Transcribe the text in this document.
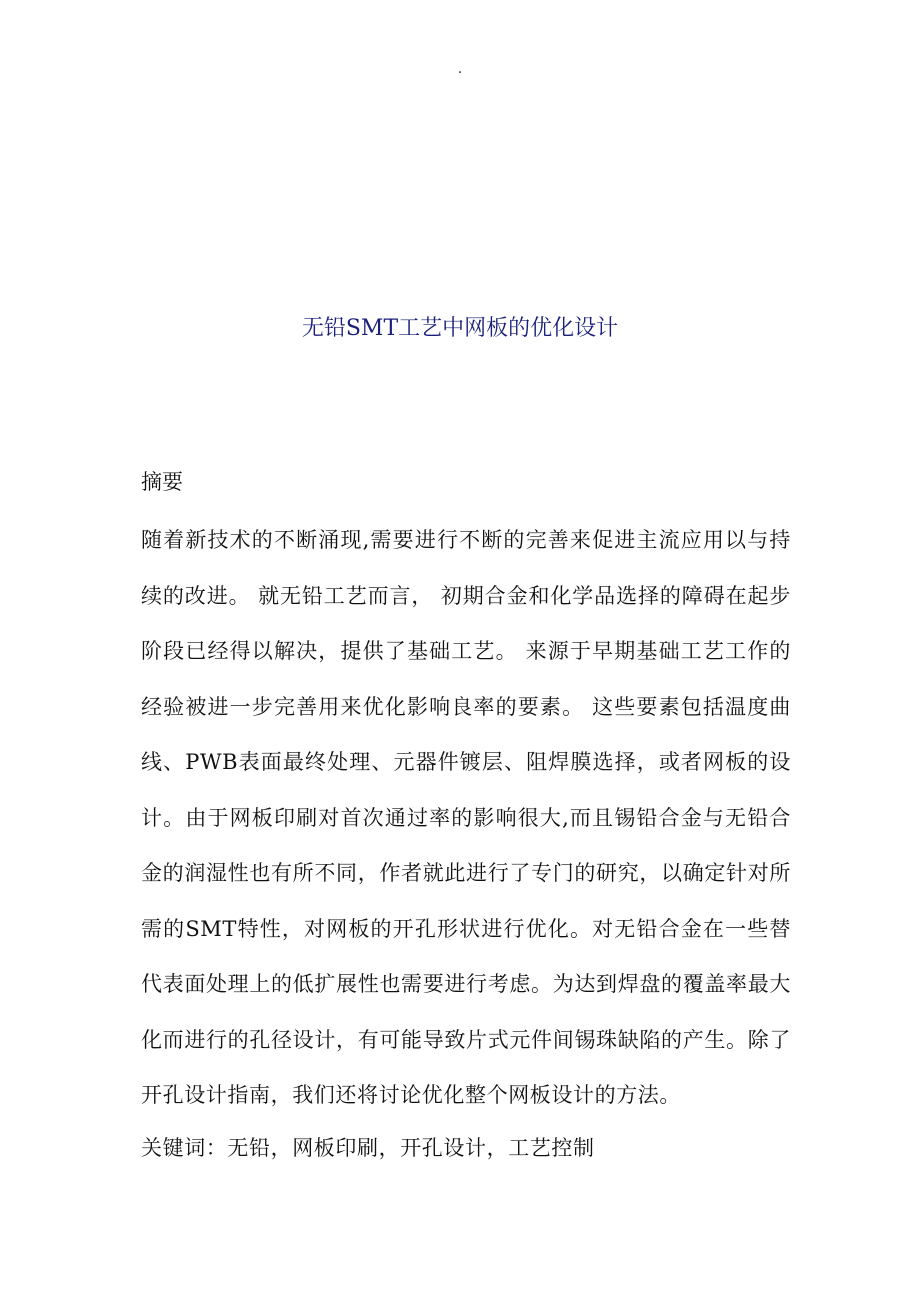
.
无铅SMT工艺中网板的优化设计
摘要

随着新技术的不断涌现,需要进行不断的完善来促进主流应用以与持续的改进。 就无铅工艺而言， 初期合金和化学品选择的障碍在起步阶段已经得以解决，提供了基础工艺。 来源于早期基础工艺工作的经验被进一步完善用来优化影响良率的要素。 这些要素包括温度曲线、PWB表面最终处理、元器件镀层、阻焊膜选择，或者网板的设计。由于网板印刷对首次通过率的影响很大,而且锡铅合金与无铅合金的润湿性也有所不同，作者就此进行了专门的研究，以确定针对所需的SMT特性，对网板的开孔形状进行优化。对无铅合金在一些替代表面处理上的低扩展性也需要进行考虑。为达到焊盘的覆盖率最大化而进行的孔径设计，有可能导致片式元件间锡珠缺陷的产生。除了开孔设计指南，我们还将讨论优化整个网板设计的方法。

关键词：无铅，网板印刷，开孔设计，工艺控制
